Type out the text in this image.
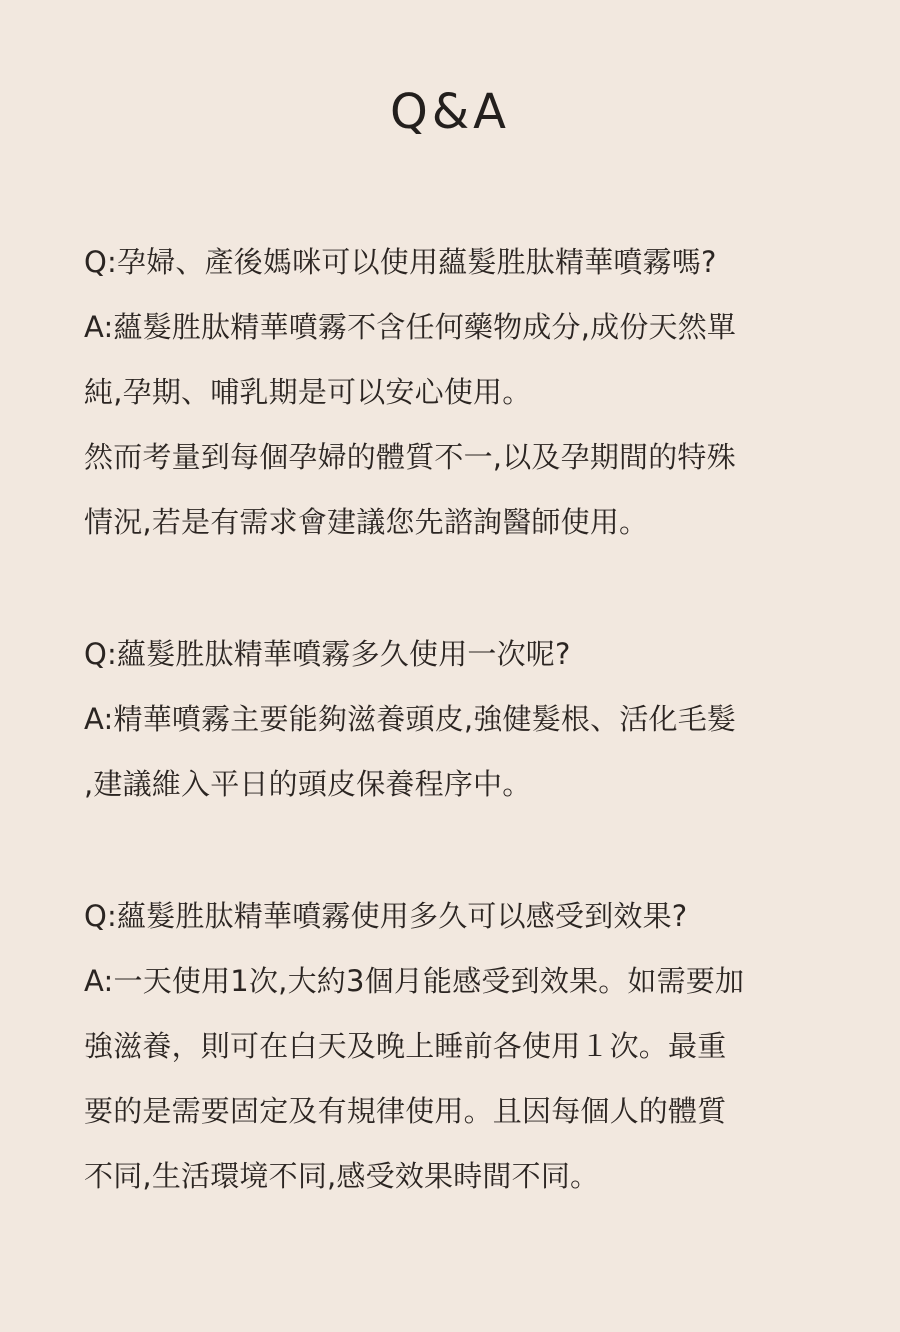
Q&A
Q:孕婦、產後媽咪可以使用蘊髮胜肽精華噴霧嗎?
A:蘊髮胜肽精華噴霧不含任何藥物成分,成份天然單
純,孕期、哺乳期是可以安心使用。
然而考量到每個孕婦的體質不一,以及孕期間的特殊
情況,若是有需求會建議您先諮詢醫師使用。
Q:蘊髮胜肽精華噴霧多久使用一次呢?
A:精華噴霧主要能夠滋養頭皮,強健髮根、活化毛髮
,建議維入平日的頭皮保養程序中。
Q:蘊髮胜肽精華噴霧使用多久可以感受到效果?
A:一天使用1次,大約3個月能感受到效果。如需要加
強滋養，則可在白天及晚上睡前各使用１次。最重
要的是需要固定及有規律使用。且因每個人的體質
不同,生活環境不同,感受效果時間不同。
